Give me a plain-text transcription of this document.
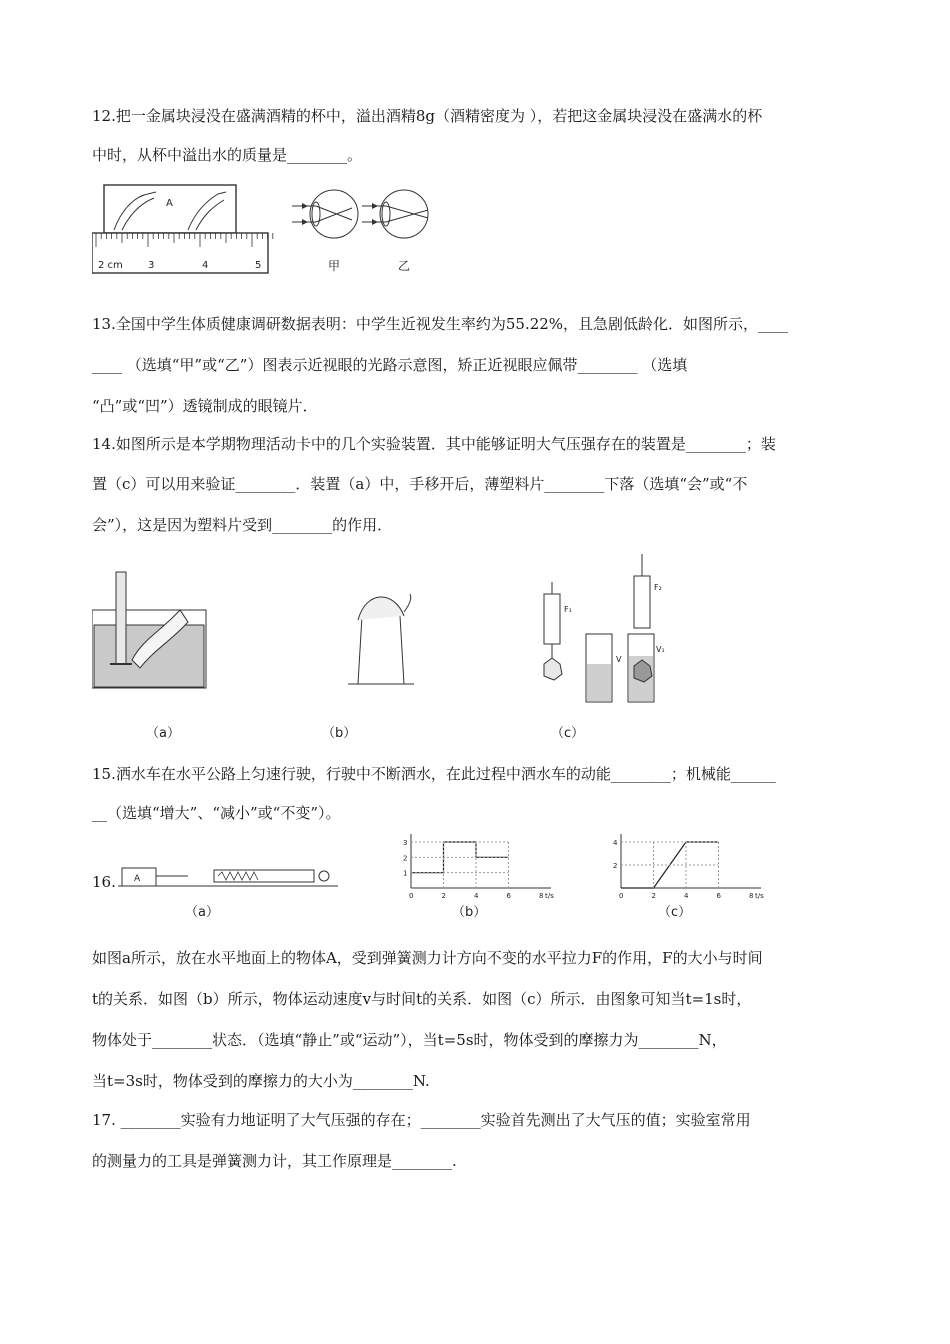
12.把一金属块浸没在盛满酒精的杯中，溢出酒精8g（酒精密度为 ），若把这金属块浸没在盛满水的杯
中时，从杯中溢出水的质量是________。
A
2 cm	3	4	5	甲	乙
13.全国中学生体质健康调研数据表明：中学生近视发生率约为55.22%，且急剧低龄化．如图所示，____
____ （选填“甲”或“乙”）图表示近视眼的光路示意图，矫正近视眼应佩带________ （选填
“凸”或“凹”）透镜制成的眼镜片．
14.如图所示是本学期物理活动卡中的几个实验装置．其中能够证明大气压强存在的装置是________；装
置（c）可以用来验证________．装置（a）中，手移开后，薄塑料片________下落（选填“会”或“不
会”），这是因为塑料片受到________的作用．
F₁
V
F₂
V₁
（a）	（b）	（c）
15.洒水车在水平公路上匀速行驶，行驶中不断洒水，在此过程中洒水车的动能________；机械能______
__（选填“增大”、“减小”或“不变”）。
16. A
3
2
1
0	2	4	6	8 t/s
4
2
0	2	4	6	8 t/s
（a）	（b）	（c）
如图a所示，放在水平地面上的物体A，受到弹簧测力计方向不变的水平拉力F的作用，F的大小与时间
t的关系．如图（b）所示，物体运动速度v与时间t的关系．如图（c）所示．由图象可知当t=1s时，
物体处于________状态．（选填“静止”或“运动”），当t=5s时，物体受到的摩擦力为________N，
当t=3s时，物体受到的摩擦力的大小为________N.
17. ________实验有力地证明了大气压强的存在；________实验首先测出了大气压的值；实验室常用
的测量力的工具是弹簧测力计，其工作原理是________.
